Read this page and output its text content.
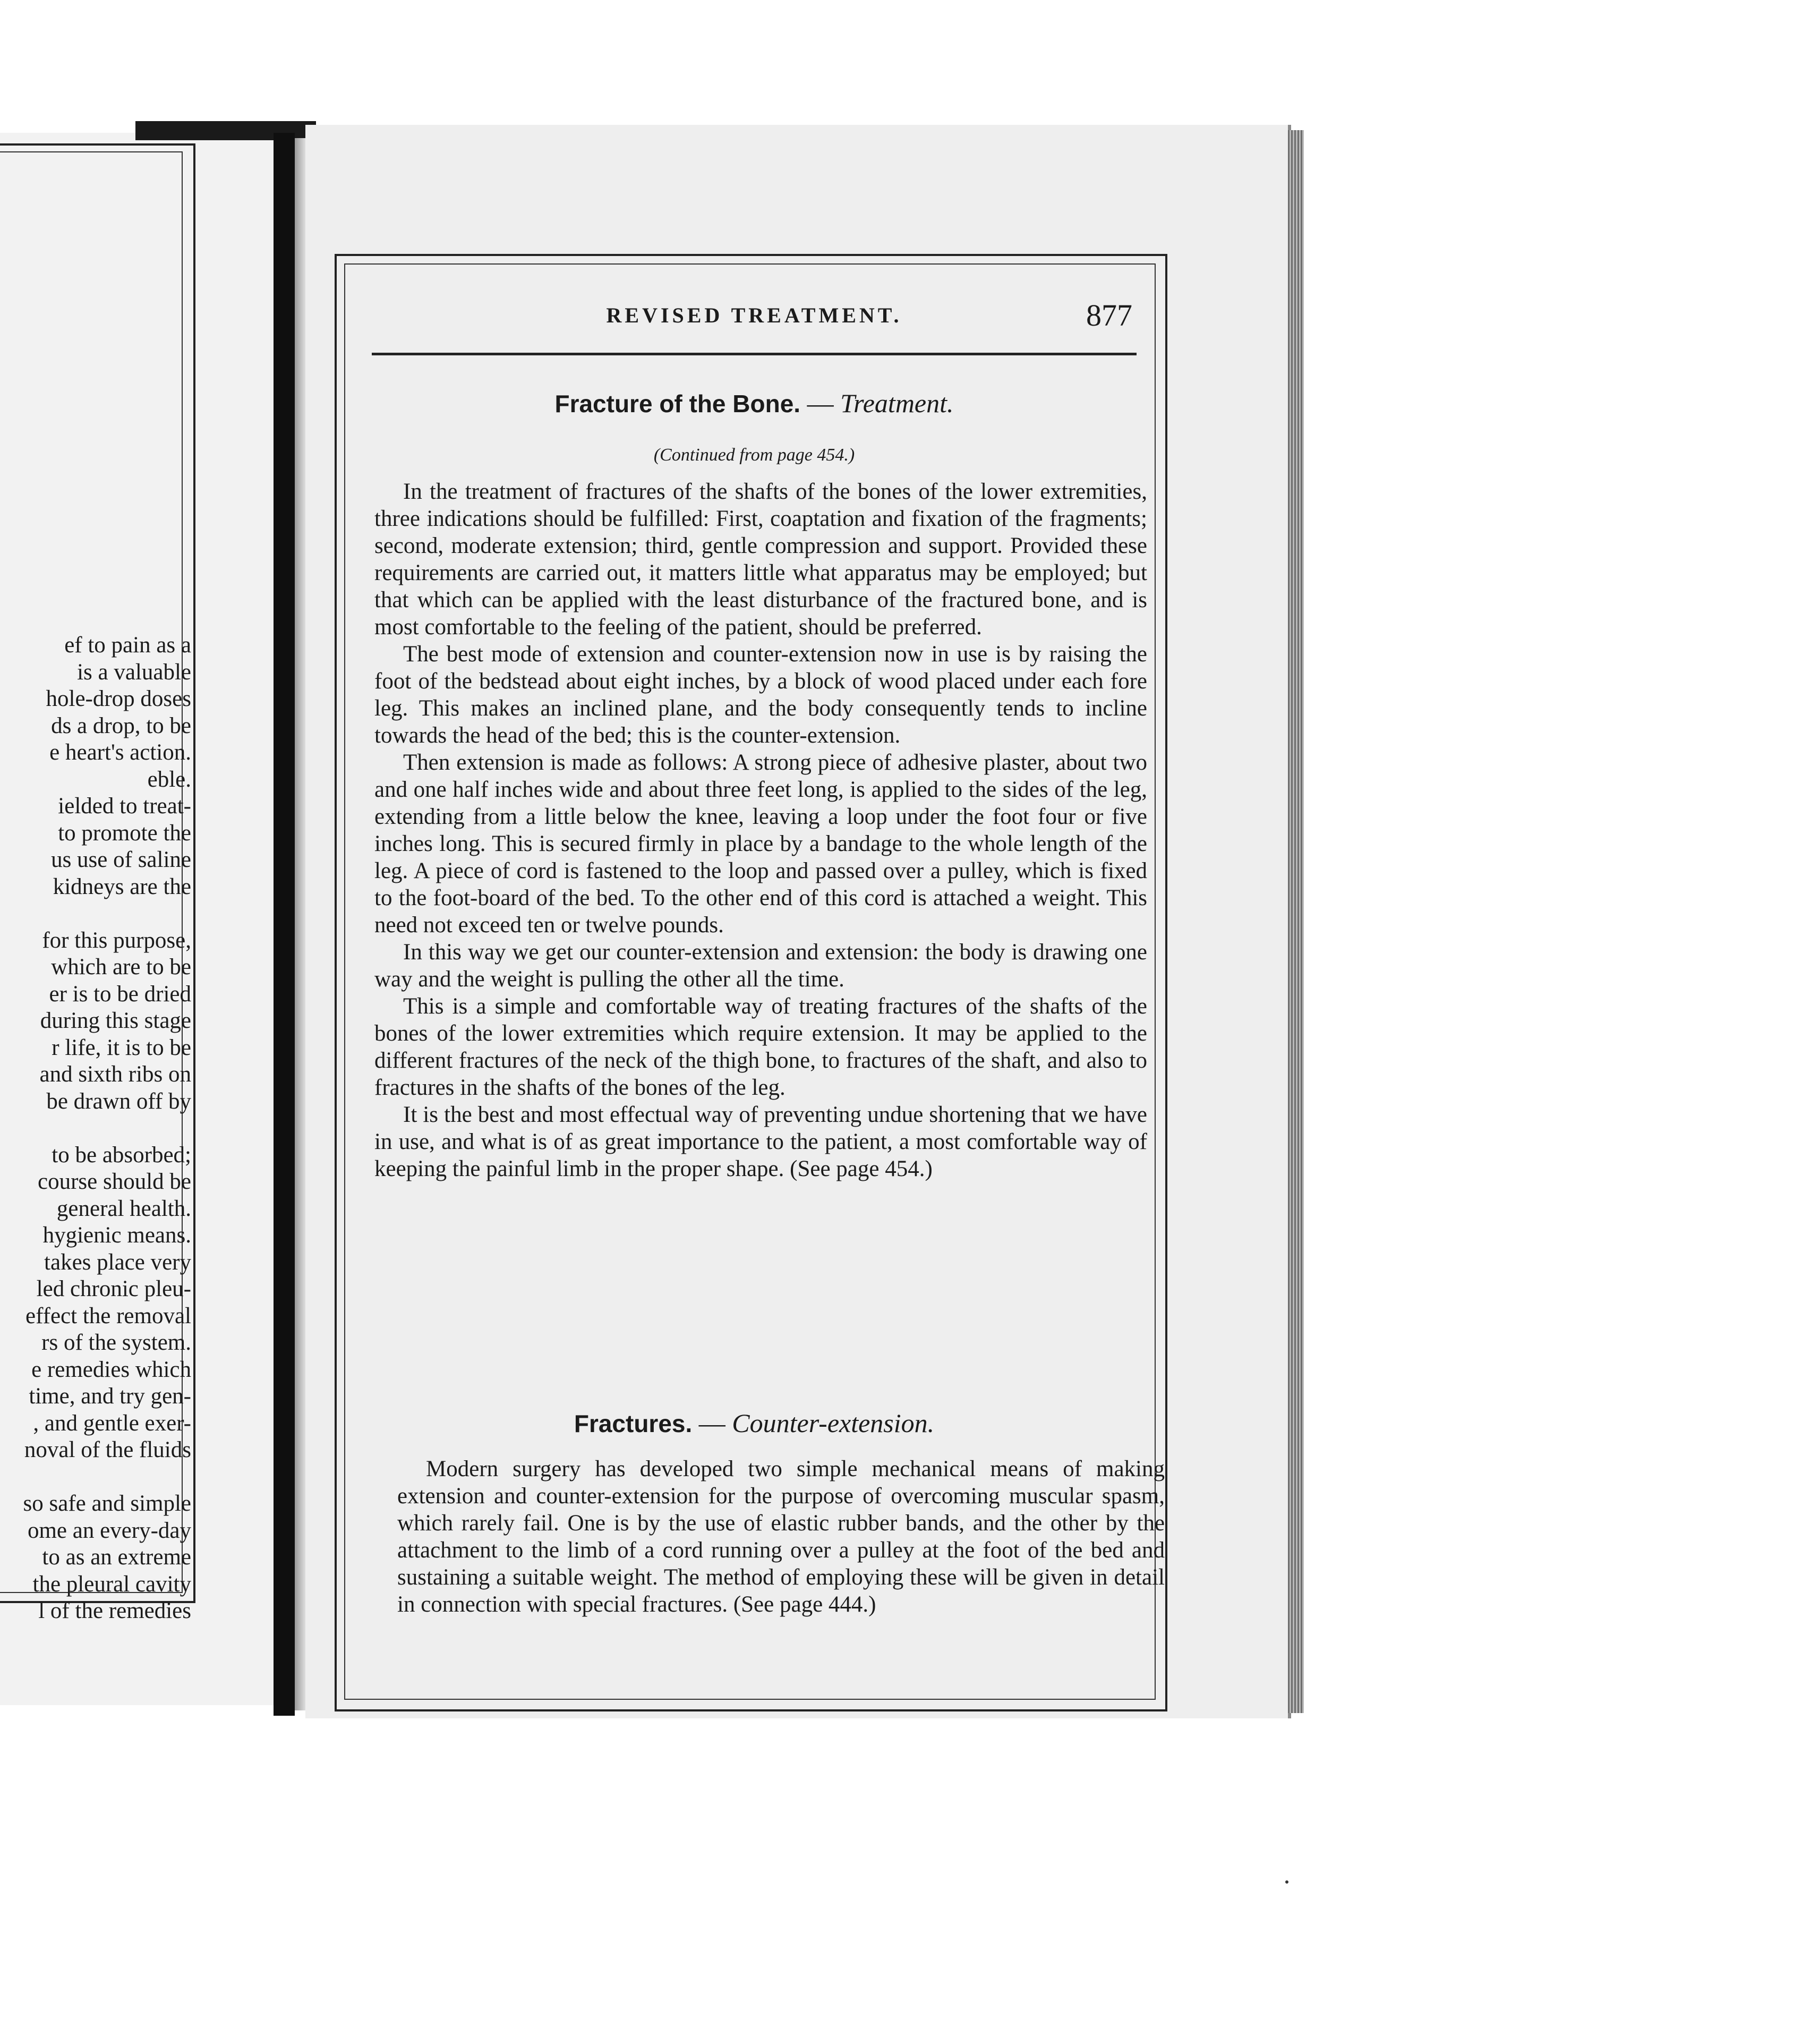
ef to pain as a
is a valuable
hole-drop doses
ds a drop, to be
e heart's action.
eble.
ielded to treat-
to promote the
us use of saline
kidneys are the

for this purpose,
which are to be
er is to be dried
during this stage
r life, it is to be
and sixth ribs on
be drawn off by

to be absorbed;
course should be
general health.
hygienic means.
takes place very
led chronic pleu-
effect the removal
rs of the system.
e remedies which
time, and try gen-
, and gentle exer-
noval of the fluids

so safe and simple
ome an every-day
to as an extreme
the pleural cavity
l of the remedies
REVISED TREATMENT.	877
Fracture of the Bone. — Treatment.
(Continued from page 454.)

In the treatment of fractures of the shafts of the bones of the lower extremities, three indications should be fulfilled: First, coaptation and fixation of the fragments; second, moderate extension; third, gentle compression and support. Provided these requirements are carried out, it matters little what apparatus may be employed; but that which can be applied with the least disturbance of the fractured bone, and is most comfortable to the feeling of the patient, should be preferred.

The best mode of extension and counter-extension now in use is by raising the foot of the bedstead about eight inches, by a block of wood placed under each fore leg. This makes an inclined plane, and the body consequently tends to incline towards the head of the bed; this is the counter-extension.

Then extension is made as follows: A strong piece of adhesive plaster, about two and one half inches wide and about three feet long, is applied to the sides of the leg, extending from a little below the knee, leaving a loop under the foot four or five inches long. This is secured firmly in place by a bandage to the whole length of the leg. A piece of cord is fastened to the loop and passed over a pulley, which is fixed to the foot-board of the bed. To the other end of this cord is attached a weight. This need not exceed ten or twelve pounds.

In this way we get our counter-extension and extension: the body is drawing one way and the weight is pulling the other all the time.

This is a simple and comfortable way of treating fractures of the shafts of the bones of the lower extremities which require extension. It may be applied to the different fractures of the neck of the thigh bone, to fractures of the shaft, and also to fractures in the shafts of the bones of the leg.

It is the best and most effectual way of preventing undue shortening that we have in use, and what is of as great importance to the patient, a most comfortable way of keeping the painful limb in the proper shape. (See page 454.)

Fractures. — Counter-extension.

Modern surgery has developed two simple mechanical means of making extension and counter-extension for the purpose of overcoming muscular spasm, which rarely fail. One is by the use of elastic rubber bands, and the other by the attachment to the limb of a cord running over a pulley at the foot of the bed and sustaining a suitable weight. The method of employing these will be given in detail in connection with special fractures. (See page 444.)
